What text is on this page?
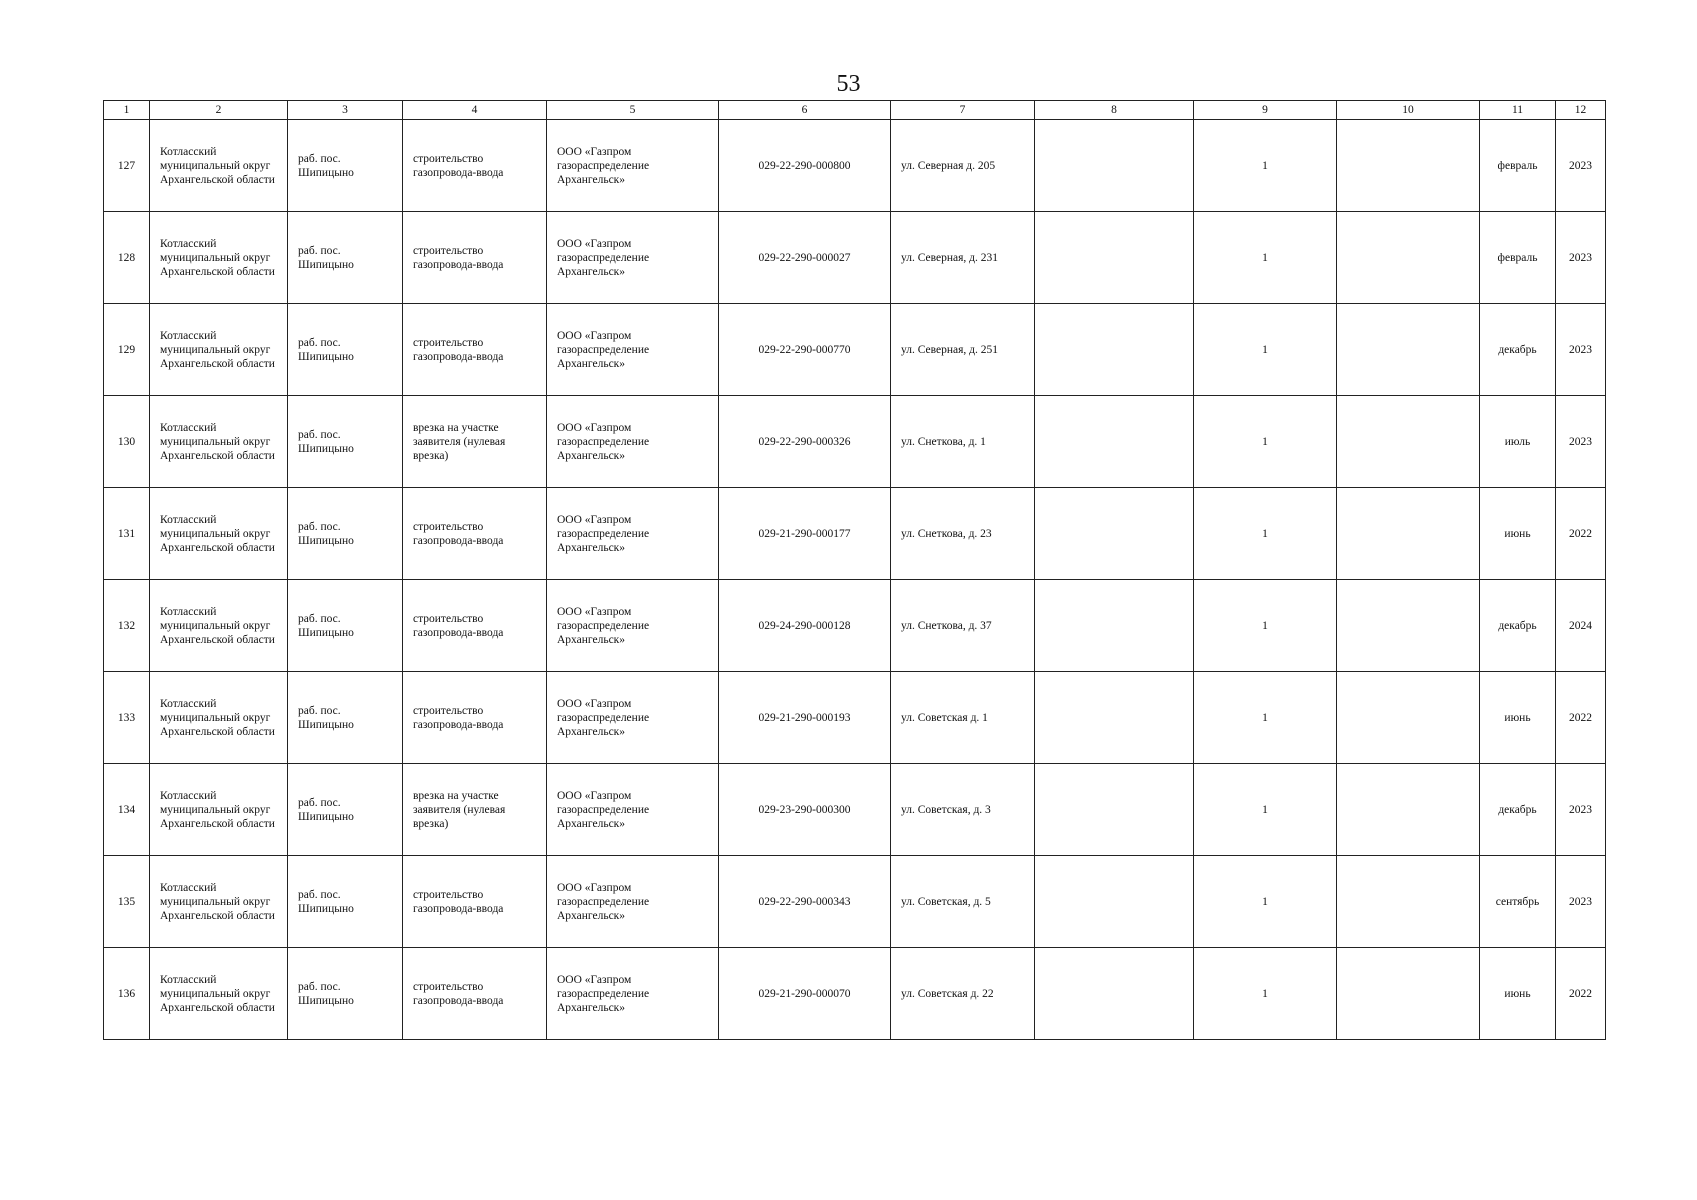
53
1	2	3	4	5	6	7	8	9	10	11	12
127	Котласский муниципальный округ Архангельской области	раб. пос. Шипицыно	строительство газопровода-ввода	ООО «Газпром газораспределение Архангельск»	029-22-290-000800	ул. Северная д. 205		1		февраль	2023
128	Котласский муниципальный округ Архангельской области	раб. пос. Шипицыно	строительство газопровода-ввода	ООО «Газпром газораспределение Архангельск»	029-22-290-000027	ул. Северная, д. 231		1		февраль	2023
129	Котласский муниципальный округ Архангельской области	раб. пос. Шипицыно	строительство газопровода-ввода	ООО «Газпром газораспределение Архангельск»	029-22-290-000770	ул. Северная, д. 251		1		декабрь	2023
130	Котласский муниципальный округ Архангельской области	раб. пос. Шипицыно	врезка на участке заявителя (нулевая врезка)	ООО «Газпром газораспределение Архангельск»	029-22-290-000326	ул. Снеткова, д. 1		1		июль	2023
131	Котласский муниципальный округ Архангельской области	раб. пос. Шипицыно	строительство газопровода-ввода	ООО «Газпром газораспределение Архангельск»	029-21-290-000177	ул. Снеткова, д. 23		1		июнь	2022
132	Котласский муниципальный округ Архангельской области	раб. пос. Шипицыно	строительство газопровода-ввода	ООО «Газпром газораспределение Архангельск»	029-24-290-000128	ул. Снеткова, д. 37		1		декабрь	2024
133	Котласский муниципальный округ Архангельской области	раб. пос. Шипицыно	строительство газопровода-ввода	ООО «Газпром газораспределение Архангельск»	029-21-290-000193	ул. Советская д. 1		1		июнь	2022
134	Котласский муниципальный округ Архангельской области	раб. пос. Шипицыно	врезка на участке заявителя (нулевая врезка)	ООО «Газпром газораспределение Архангельск»	029-23-290-000300	ул. Советская, д. 3		1		декабрь	2023
135	Котласский муниципальный округ Архангельской области	раб. пос. Шипицыно	строительство газопровода-ввода	ООО «Газпром газораспределение Архангельск»	029-22-290-000343	ул. Советская, д. 5		1		сентябрь	2023
136	Котласский муниципальный округ Архангельской области	раб. пос. Шипицыно	строительство газопровода-ввода	ООО «Газпром газораспределение Архангельск»	029-21-290-000070	ул. Советская д. 22		1		июнь	2022
